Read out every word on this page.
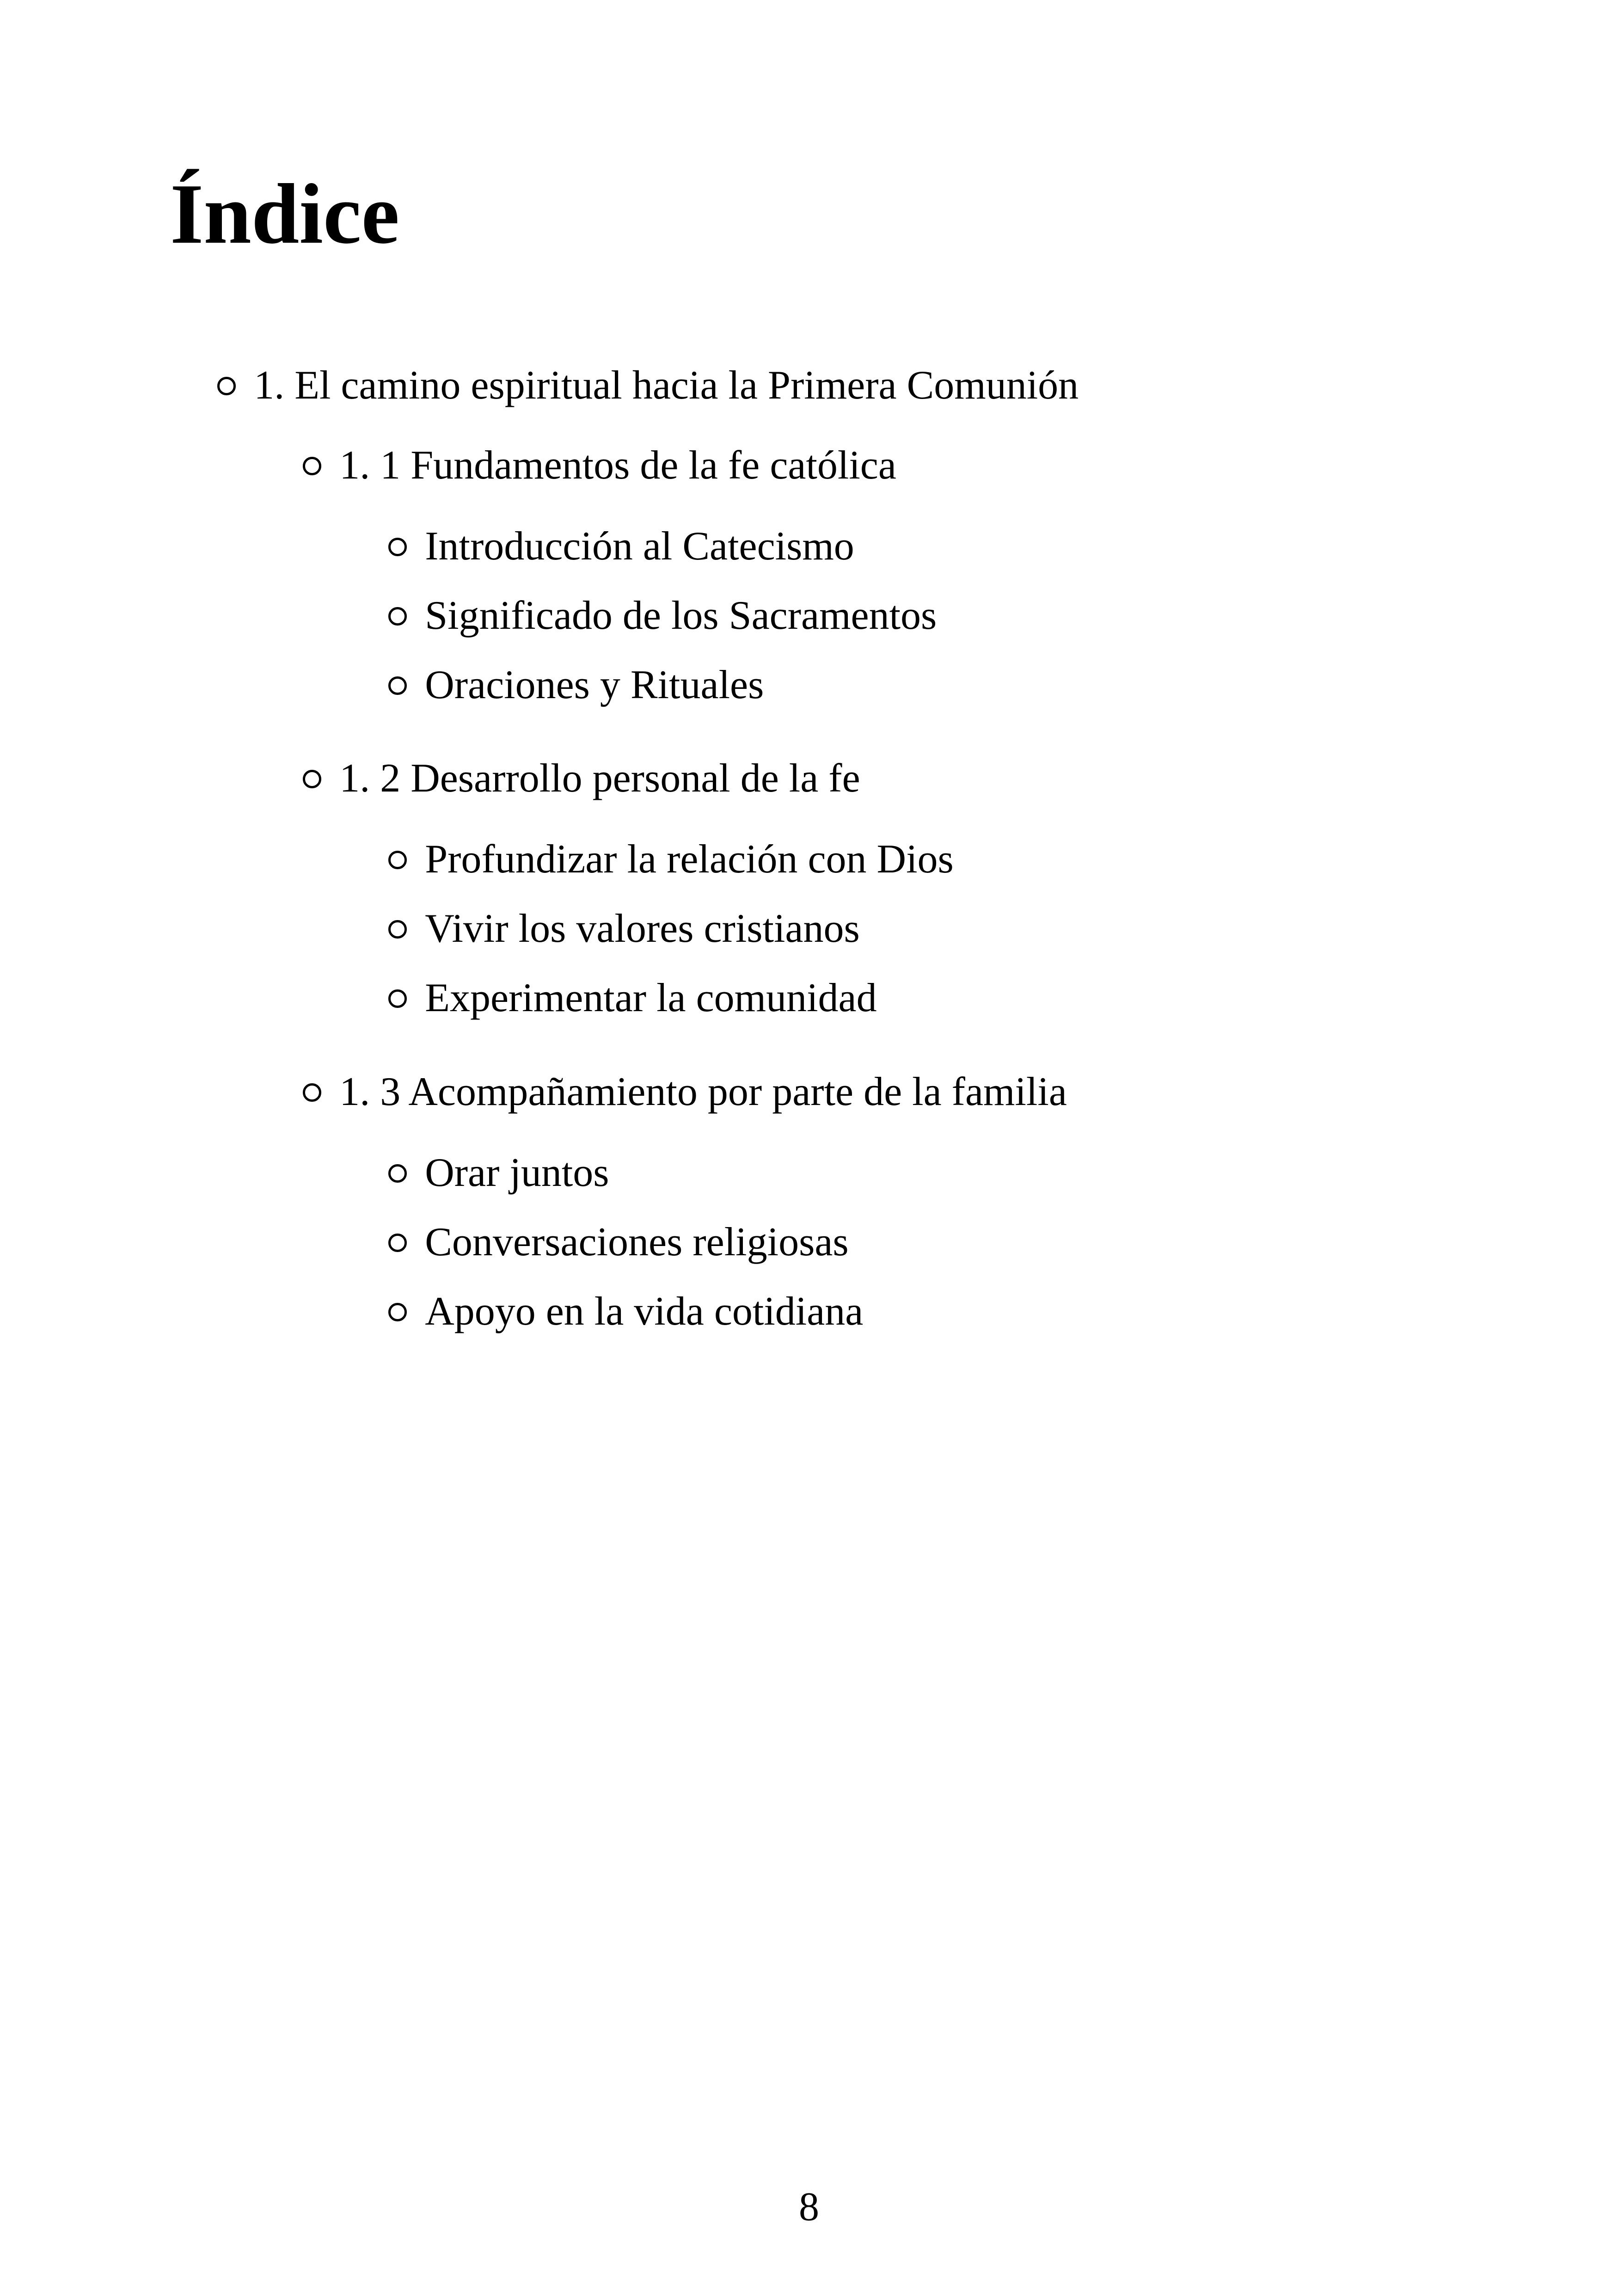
Índice
1. El camino espiritual hacia la Primera Comunión
1. 1 Fundamentos de la fe católica
Introducción al Catecismo
Significado de los Sacramentos
Oraciones y Rituales
1. 2 Desarrollo personal de la fe
Profundizar la relación con Dios
Vivir los valores cristianos
Experimentar la comunidad
1. 3 Acompañamiento por parte de la familia
Orar juntos
Conversaciones religiosas
Apoyo en la vida cotidiana
8
